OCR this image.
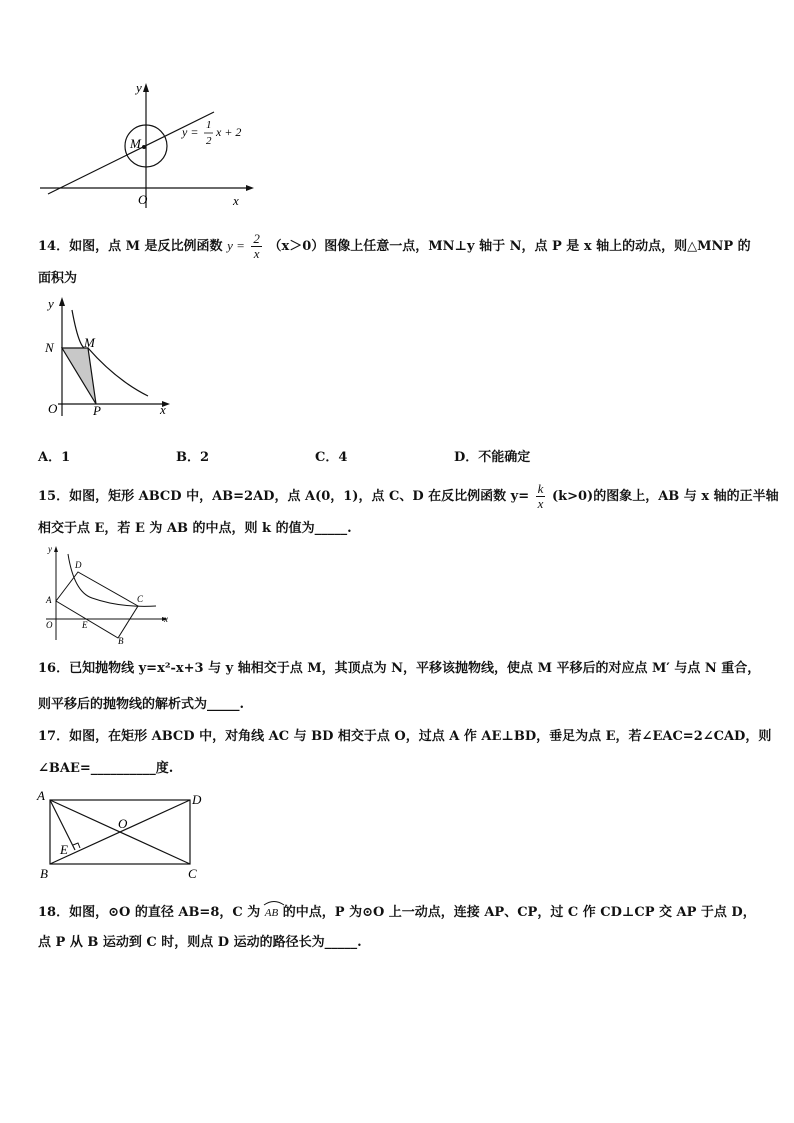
y
x
O
M
y = 1
2
x + 2
14．如图，点 M 是反比例函数 $y = \frac{2}{x} (x>0)$图像上任意一点，MN⊥y 轴于 N，点 P 是 x 轴上的动点，则△MNP 的
面积为
y
N M
O	P	x
A．1	B．2	C．4	D．不能确定
15．如图，矩形 ABCD 中，AB=2AD，点 A(0，1)，点 C、D 在反比例函数 $y= \frac{k}{x} (k>0)$的图象上，AB 与 x 轴的正半轴
相交于点 E，若 E 为 AB 的中点，则 k 的值为_____.
y
D
A	C
O	E
B
x
16．已知抛物线 y=x²-x+3 与 y 轴相交于点 M，其顶点为 N，平移该抛物线，使点 M 平移后的对应点 M′ 与点 N 重合，
则平移后的抛物线的解析式为_____.
17．如图，在矩形 ABCD 中，对角线 AC 与 BD 相交于点 O，过点 A 作 AE⊥BD，垂足为点 E，若∠EAC=2∠CAD，则
∠BAE=__________度.
A	D
O
E
B	C
18．如图，⊙O 的直径 AB=8，C 为 AB 的中点，P 为⊙O 上一动点，连接 AP、CP，过 C 作 CD⊥CP 交 AP 于点 D，
点 P 从 B 运动到 C 时，则点 D 运动的路径长为_____.
